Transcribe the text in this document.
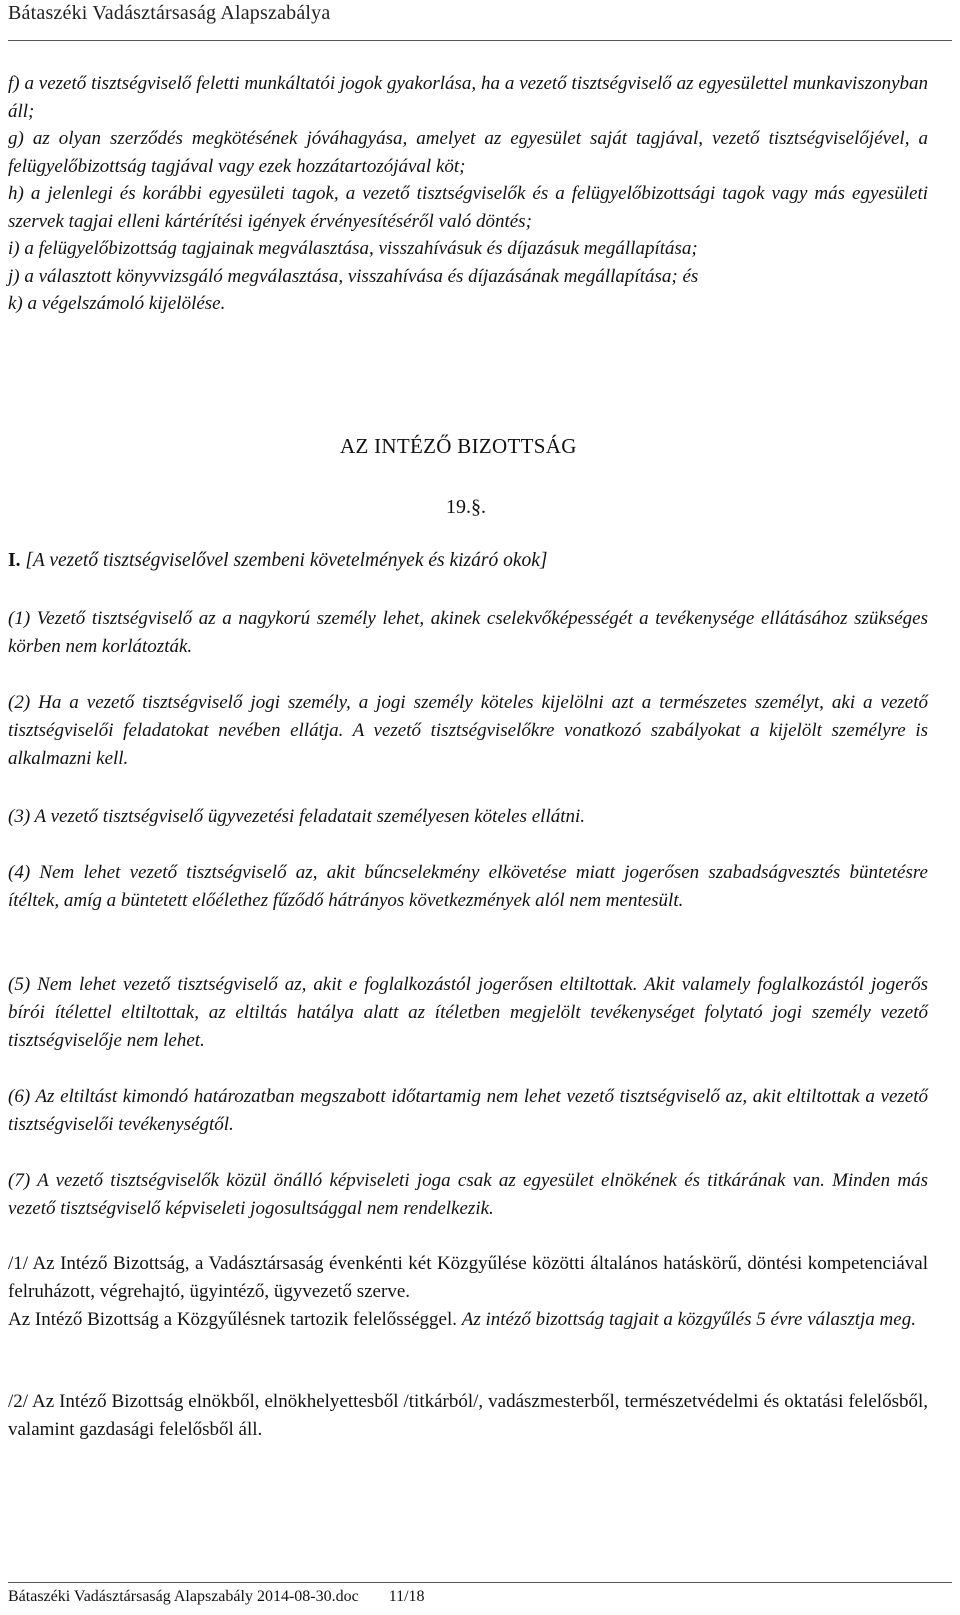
Bátaszéki Vadásztársaság Alapszabálya

f) a vezető tisztségviselő feletti munkáltatói jogok gyakorlása, ha a vezető tisztségviselő az egyesülettel munkaviszonyban áll;

g) az olyan szerződés megkötésének jóváhagyása, amelyet az egyesület saját tagjával, vezető tisztségviselőjével, a felügyelőbizottság tagjával vagy ezek hozzátartozójával köt;

h) a jelenlegi és korábbi egyesületi tagok, a vezető tisztségviselők és a felügyelőbizottsági tagok vagy más egyesületi szervek tagjai elleni kártérítési igények érvényesítéséről való döntés;

i) a felügyelőbizottság tagjainak megválasztása, visszahívásuk és díjazásuk megállapítása;

j) a választott könyvvizsgáló megválasztása, visszahívása és díjazásának megállapítása; és

k) a végelszámoló kijelölése.

AZ INTÉZŐ BIZOTTSÁG
19.§.
I. [A vezető tisztségviselővel szembeni követelmények és kizáró okok]
(1) Vezető tisztségviselő az a nagykorú személy lehet, akinek cselekvőképességét a tevékenysége ellátásához szükséges körben nem korlátozták.
(2) Ha a vezető tisztségviselő jogi személy, a jogi személy köteles kijelölni azt a természetes személyt, aki a vezető tisztségviselői feladatokat nevében ellátja. A vezető tisztségviselőkre vonatkozó szabályokat a kijelölt személyre is alkalmazni kell.
(3) A vezető tisztségviselő ügyvezetési feladatait személyesen köteles ellátni.
(4) Nem lehet vezető tisztségviselő az, akit bűncselekmény elkövetése miatt jogerősen szabadságvesztés büntetésre ítéltek, amíg a büntetett előélethez fűződő hátrányos következmények alól nem mentesült.
(5) Nem lehet vezető tisztségviselő az, akit e foglalkozástól jogerősen eltiltottak. Akit valamely foglalkozástól jogerős bírói ítélettel eltiltottak, az eltiltás hatálya alatt az ítéletben megjelölt tevékenységet folytató jogi személy vezető tisztségviselője nem lehet.
(6) Az eltiltást kimondó határozatban megszabott időtartamig nem lehet vezető tisztségviselő az, akit eltiltottak a vezető tisztségviselői tevékenységtől.
(7) A vezető tisztségviselők közül önálló képviseleti joga csak az egyesület elnökének és titkárának van. Minden más vezető tisztségviselő képviseleti jogosultsággal nem rendelkezik.
/1/ Az Intéző Bizottság, a Vadásztársaság évenkénti két Közgyűlése közötti általános hatáskörű, döntési kompetenciával felruházott, végrehajtó, ügyintéző, ügyvezető szerve.
Az Intéző Bizottság a Közgyűlésnek tartozik felelősséggel. Az intéző bizottság tagjait a közgyűlés 5 évre választja meg.
/2/ Az Intéző Bizottság elnökből, elnökhelyettesből /titkárból/, vadászmesterből, természetvédelmi és oktatási felelősből, valamint gazdasági felelősből áll.
Bátaszéki Vadásztársaság Alapszabály 2014-08-30.doc 11/18
